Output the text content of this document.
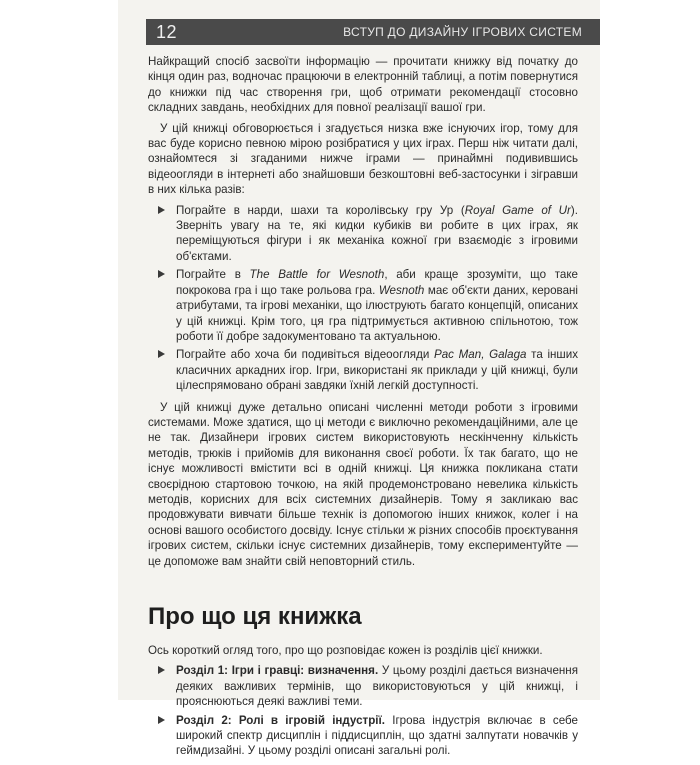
12	ВСТУП ДО ДИЗАЙНУ ІГРОВИХ СИСТЕМ

Найкращий спосіб засвоїти інформацію — прочитати книжку від початку до кінця один раз, водночас працюючи в електронній таблиці, а потім повернутися до книжки під час створення гри, щоб отримати рекомендації стосовно складних завдань, необхідних для повної реалізації вашої гри.

У цій книжці обговорюється і згадується низка вже існуючих ігор, тому для вас буде корисно певною мірою розібратися у цих іграх. Перш ніж читати далі, ознайомтеся зі згаданими нижче іграми — принаймні подивившись відеоогляди в інтернеті або знайшовши безкоштовні веб-застосунки і зігравши в них кілька разів:

Пограйте в нарди, шахи та королівську гру Ур (Royal Game of Ur). Зверніть увагу на те, які кидки кубиків ви робите в цих іграх, як переміщуються фігури і як механіка кожної гри взаємодіє з ігровими об'єктами.
Пограйте в The Battle for Wesnoth, аби краще зрозуміти, що таке покрокова гра і що таке рольова гра. Wesnoth має об'єкти даних, керовані атрибутами, та ігрові механіки, що ілюструють багато концепцій, описаних у цій книжці. Крім того, ця гра підтримується активною спільнотою, тож роботи її добре задокументовано та актуальною.
Пограйте або хоча би подивіться відеоогляди Pac Man, Galaga та інших класичних аркадних ігор. Ігри, використані як приклади у цій книжці, були цілеспрямовано обрані завдяки їхній легкій доступності.

У цій книжці дуже детально описані численні методи роботи з ігровими системами. Може здатися, що ці методи є виключно рекомендаційними, але це не так. Дизайнери ігрових систем використовують нескінченну кількість методів, трюків і прийомів для виконання своєї роботи. Їх так багато, що не існує можливості вмістити всі в одній книжці. Ця книжка покликана стати своєрідною стартовою точкою, на якій продемонстровано невелика кількість методів, корисних для всіх системних дизайнерів. Тому я закликаю вас продовжувати вивчати більше технік із допомогою інших книжок, колег і на основі вашого особистого досвіду. Існує стільки ж різних способів проєктування ігрових систем, скільки існує системних дизайнерів, тому експериментуйте — це допоможе вам знайти свій неповторний стиль.

Про що ця книжка

Ось короткий огляд того, про що розповідає кожен із розділів цієї книжки.

Розділ 1: Ігри і гравці: визначення. У цьому розділі дається визначення деяких важливих термінів, що використовуються у цій книжці, і прояснюються деякі важливі теми.
Розділ 2: Ролі в ігровій індустрії. Ігрова індустрія включає в себе широкий спектр дисциплін і піддисциплін, що здатні залпутати новачків у геймдизайні. У цьому розділі описані загальні ролі.
